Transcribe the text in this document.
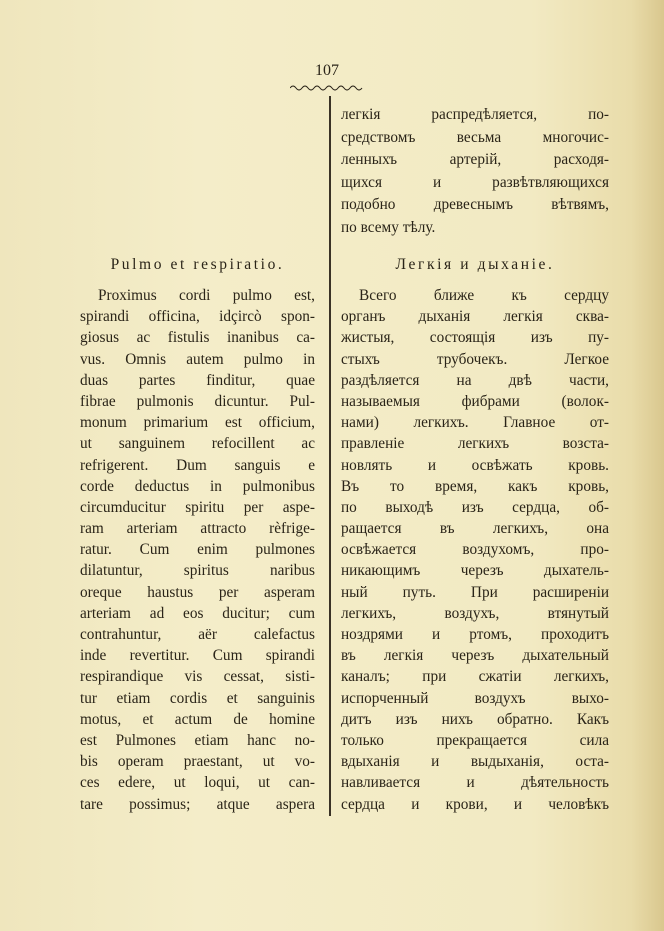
107
Pulmo et respiratio.
Proximus cordi pulmo est,
spirandi officina, idçircò spon-
giosus ac fistulis inanibus ca-
vus. Omnis autem pulmo in
duas partes finditur, quae
fibrae pulmonis dicuntur. Pul-
monum primarium est officium,
ut sanguinem refocillent ac
refrigerent. Dum sanguis e
corde deductus in pulmonibus
circumducitur spiritu per aspe-
ram arteriam attracto rèfrige-
ratur. Cum enim pulmones
dilatuntur, spiritus naribus
oreque haustus per asperam
arteriam ad eos ducitur; cum
contrahuntur, aër calefactus
inde revertitur. Cum spirandi
respirandique vis cessat, sisti-
tur etiam cordis et sanguinis
motus, et actum de homine
est Pulmones etiam hanc no-
bis operam praestant, ut vo-
ces edere, ut loqui, ut can-
tare possimus; atque aspera
легкія распредѣляется, по-
средствомъ весьма многочис-
ленныхъ артерій, расходя-
щихся и развѣтвляющихся
подобно древеснымъ вѣтвямъ,
по всему тѣлу.
Легкія и дыханіе.
Всего ближе къ сердцу
органъ дыханія легкія сква-
жистыя, состоящія изъ пу-
стыхъ трубочекъ. Легкое
раздѣляется на двѣ части,
называемыя фибрами (волок-
нами) легкихъ. Главное от-
правленіе легкихъ возста-
новлять и освѣжать кровь.
Въ то время, какъ кровь,
по выходѣ изъ сердца, об-
ращается въ легкихъ, она
освѣжается воздухомъ, про-
никающимъ черезъ дыхатель-
ный путь. При расширеніи
легкихъ, воздухъ, втянутый
ноздрями и ртомъ, проходитъ
въ легкія черезъ дыхательный
каналъ; при сжатіи легкихъ,
испорченный воздухъ выхо-
дитъ изъ нихъ обратно. Какъ
только прекращается сила
вдыханія и выдыханія, оста-
навливается и дѣятельность
сердца и крови, и человѣкъ
